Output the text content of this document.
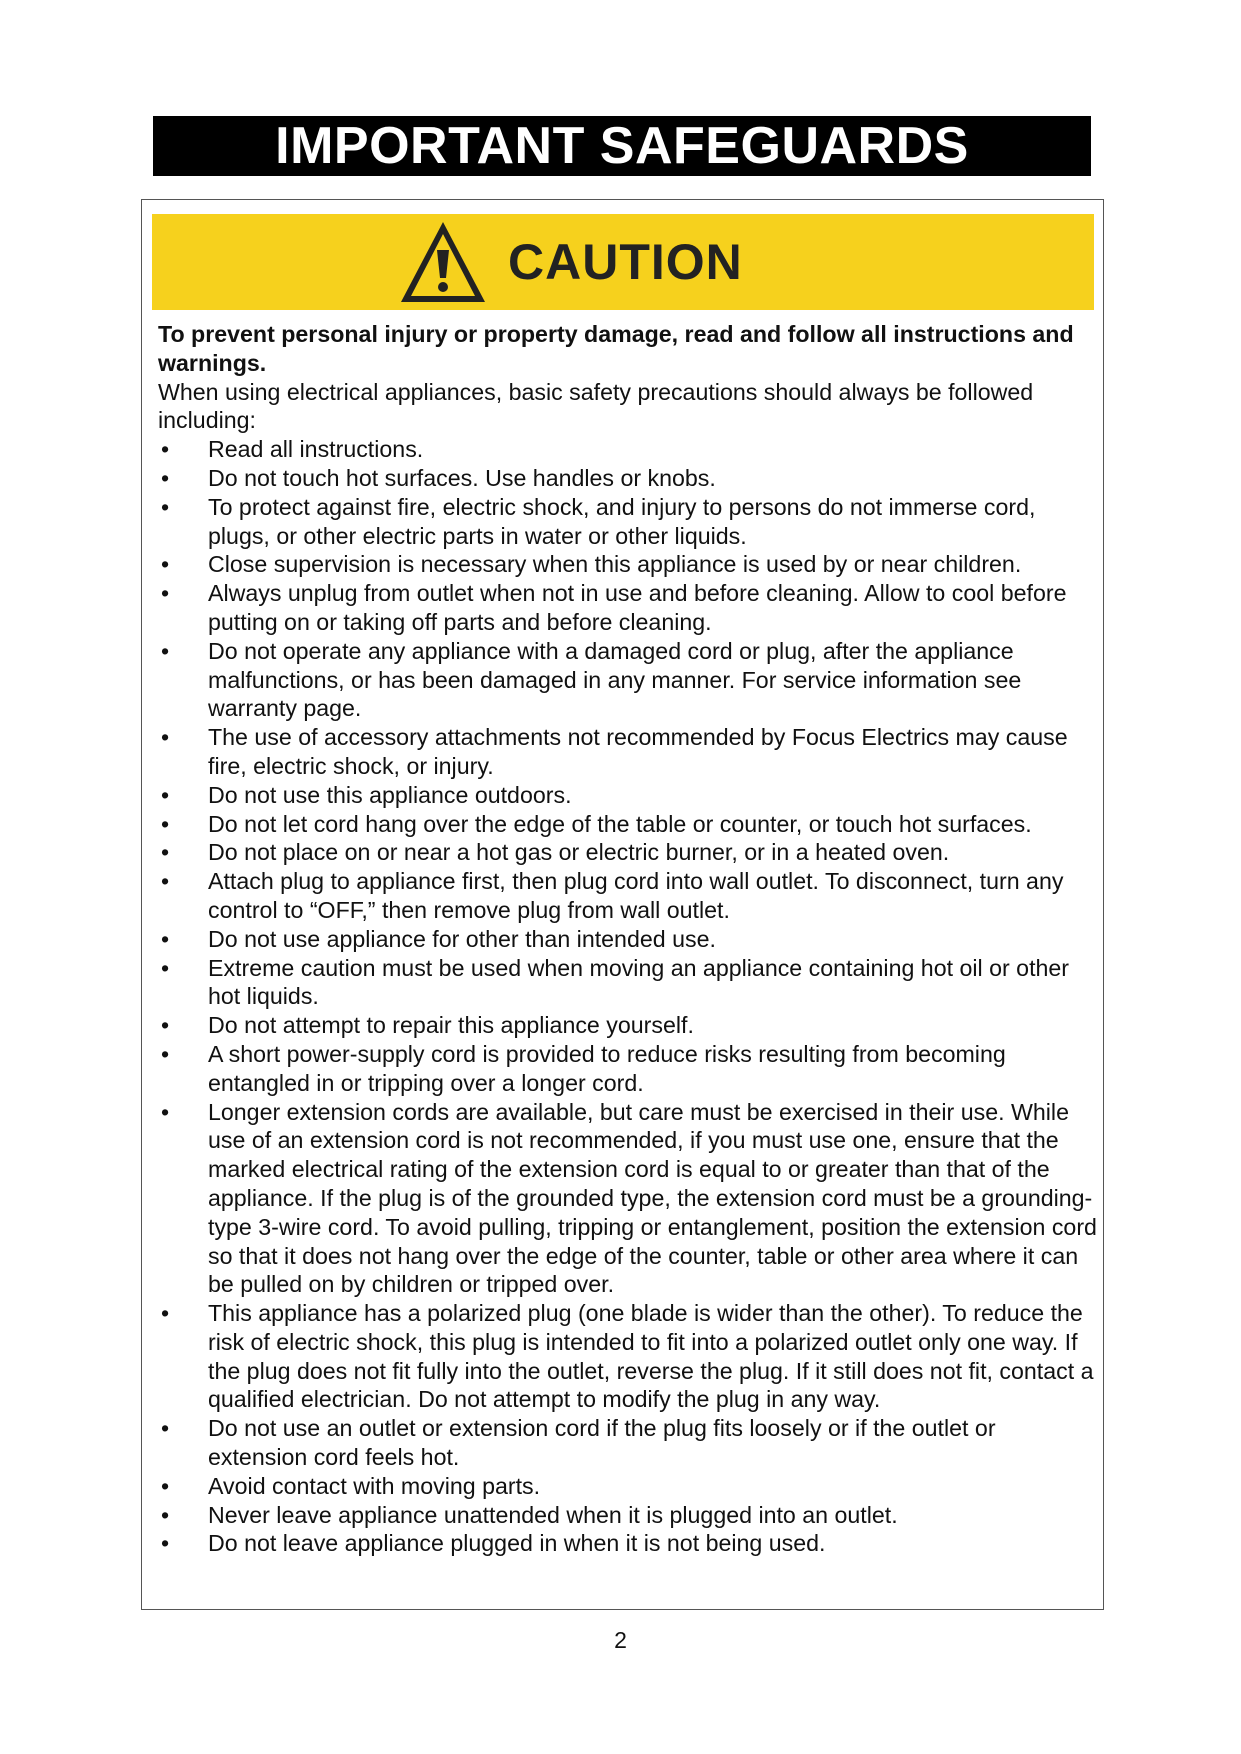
IMPORTANT SAFEGUARDS
CAUTION

To prevent personal injury or property damage, read and follow all instructions and warnings.

When using electrical appliances, basic safety precautions should always be followed including:

• Read all instructions.
• Do not touch hot surfaces. Use handles or knobs.
• To protect against fire, electric shock, and injury to persons do not immerse cord, plugs, or other electric parts in water or other liquids.
• Close supervision is necessary when this appliance is used by or near children.
• Always unplug from outlet when not in use and before cleaning. Allow to cool before putting on or taking off parts and before cleaning.
• Do not operate any appliance with a damaged cord or plug, after the appliance malfunctions, or has been damaged in any manner. For service information see warranty page.
• The use of accessory attachments not recommended by Focus Electrics may cause fire, electric shock, or injury.
• Do not use this appliance outdoors.
• Do not let cord hang over the edge of the table or counter, or touch hot surfaces.
• Do not place on or near a hot gas or electric burner, or in a heated oven.
• Attach plug to appliance first, then plug cord into wall outlet. To disconnect, turn any control to “OFF,” then remove plug from wall outlet.
• Do not use appliance for other than intended use.
• Extreme caution must be used when moving an appliance containing hot oil or other hot liquids.
• Do not attempt to repair this appliance yourself.
• A short power-supply cord is provided to reduce risks resulting from becoming entangled in or tripping over a longer cord.
• Longer extension cords are available, but care must be exercised in their use. While use of an extension cord is not recommended, if you must use one, ensure that the marked electrical rating of the extension cord is equal to or greater than that of the appliance. If the plug is of the grounded type, the extension cord must be a grounding-type 3-wire cord. To avoid pulling, tripping or entanglement, position the extension cord so that it does not hang over the edge of the counter, table or other area where it can be pulled on by children or tripped over.
• This appliance has a polarized plug (one blade is wider than the other). To reduce the risk of electric shock, this plug is intended to fit into a polarized outlet only one way. If the plug does not fit fully into the outlet, reverse the plug. If it still does not fit, contact a qualified electrician. Do not attempt to modify the plug in any way.
• Do not use an outlet or extension cord if the plug fits loosely or if the outlet or extension cord feels hot.
• Avoid contact with moving parts.
• Never leave appliance unattended when it is plugged into an outlet.
• Do not leave appliance plugged in when it is not being used.
2
